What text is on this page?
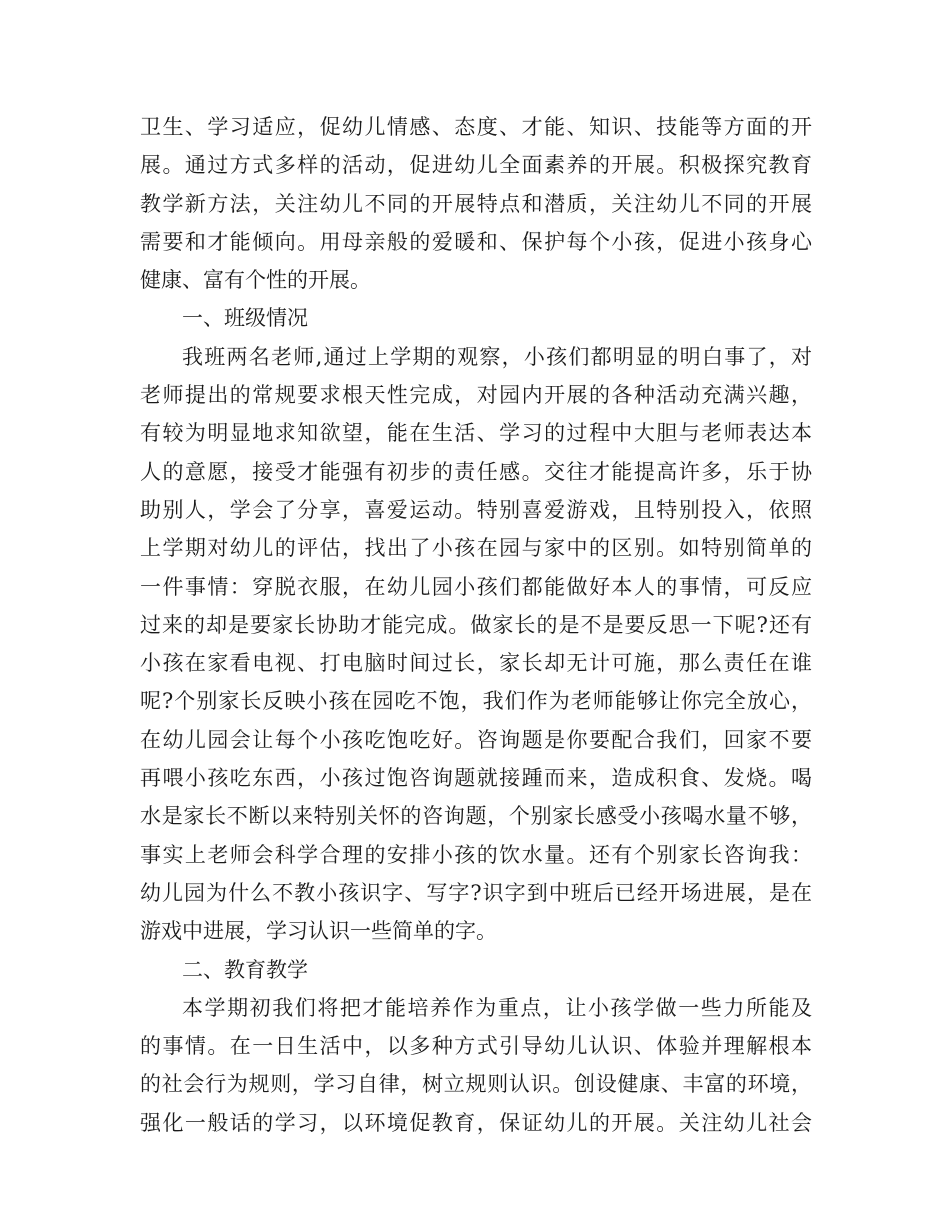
卫生、学习适应，促幼儿情感、态度、才能、知识、技能等方面的开
展。通过方式多样的活动，促进幼儿全面素养的开展。积极探究教育
教学新方法，关注幼儿不同的开展特点和潜质，关注幼儿不同的开展
需要和才能倾向。用母亲般的爱暖和、保护每个小孩，促进小孩身心
健康、富有个性的开展。
一、班级情况
我班两名老师,通过上学期的观察，小孩们都明显的明白事了，对
老师提出的常规要求根天性完成，对园内开展的各种活动充满兴趣，
有较为明显地求知欲望，能在生活、学习的过程中大胆与老师表达本
人的意愿，接受才能强有初步的责任感。交往才能提高许多，乐于协
助别人，学会了分享，喜爱运动。特别喜爱游戏，且特别投入，依照
上学期对幼儿的评估，找出了小孩在园与家中的区别。如特别简单的
一件事情：穿脱衣服，在幼儿园小孩们都能做好本人的事情，可反应
过来的却是要家长协助才能完成。做家长的是不是要反思一下呢?还有
小孩在家看电视、打电脑时间过长，家长却无计可施，那么责任在谁
呢?个别家长反映小孩在园吃不饱，我们作为老师能够让你完全放心，
在幼儿园会让每个小孩吃饱吃好。咨询题是你要配合我们，回家不要
再喂小孩吃东西，小孩过饱咨询题就接踵而来，造成积食、发烧。喝
水是家长不断以来特别关怀的咨询题，个别家长感受小孩喝水量不够，
事实上老师会科学合理的安排小孩的饮水量。还有个别家长咨询我：
幼儿园为什么不教小孩识字、写字?识字到中班后已经开场进展，是在
游戏中进展，学习认识一些简单的字。
二、教育教学
本学期初我们将把才能培养作为重点，让小孩学做一些力所能及
的事情。在一日生活中，以多种方式引导幼儿认识、体验并理解根本
的社会行为规则，学习自律，树立规则认识。创设健康、丰富的环境，
强化一般话的学习，以环境促教育，保证幼儿的开展。关注幼儿社会
